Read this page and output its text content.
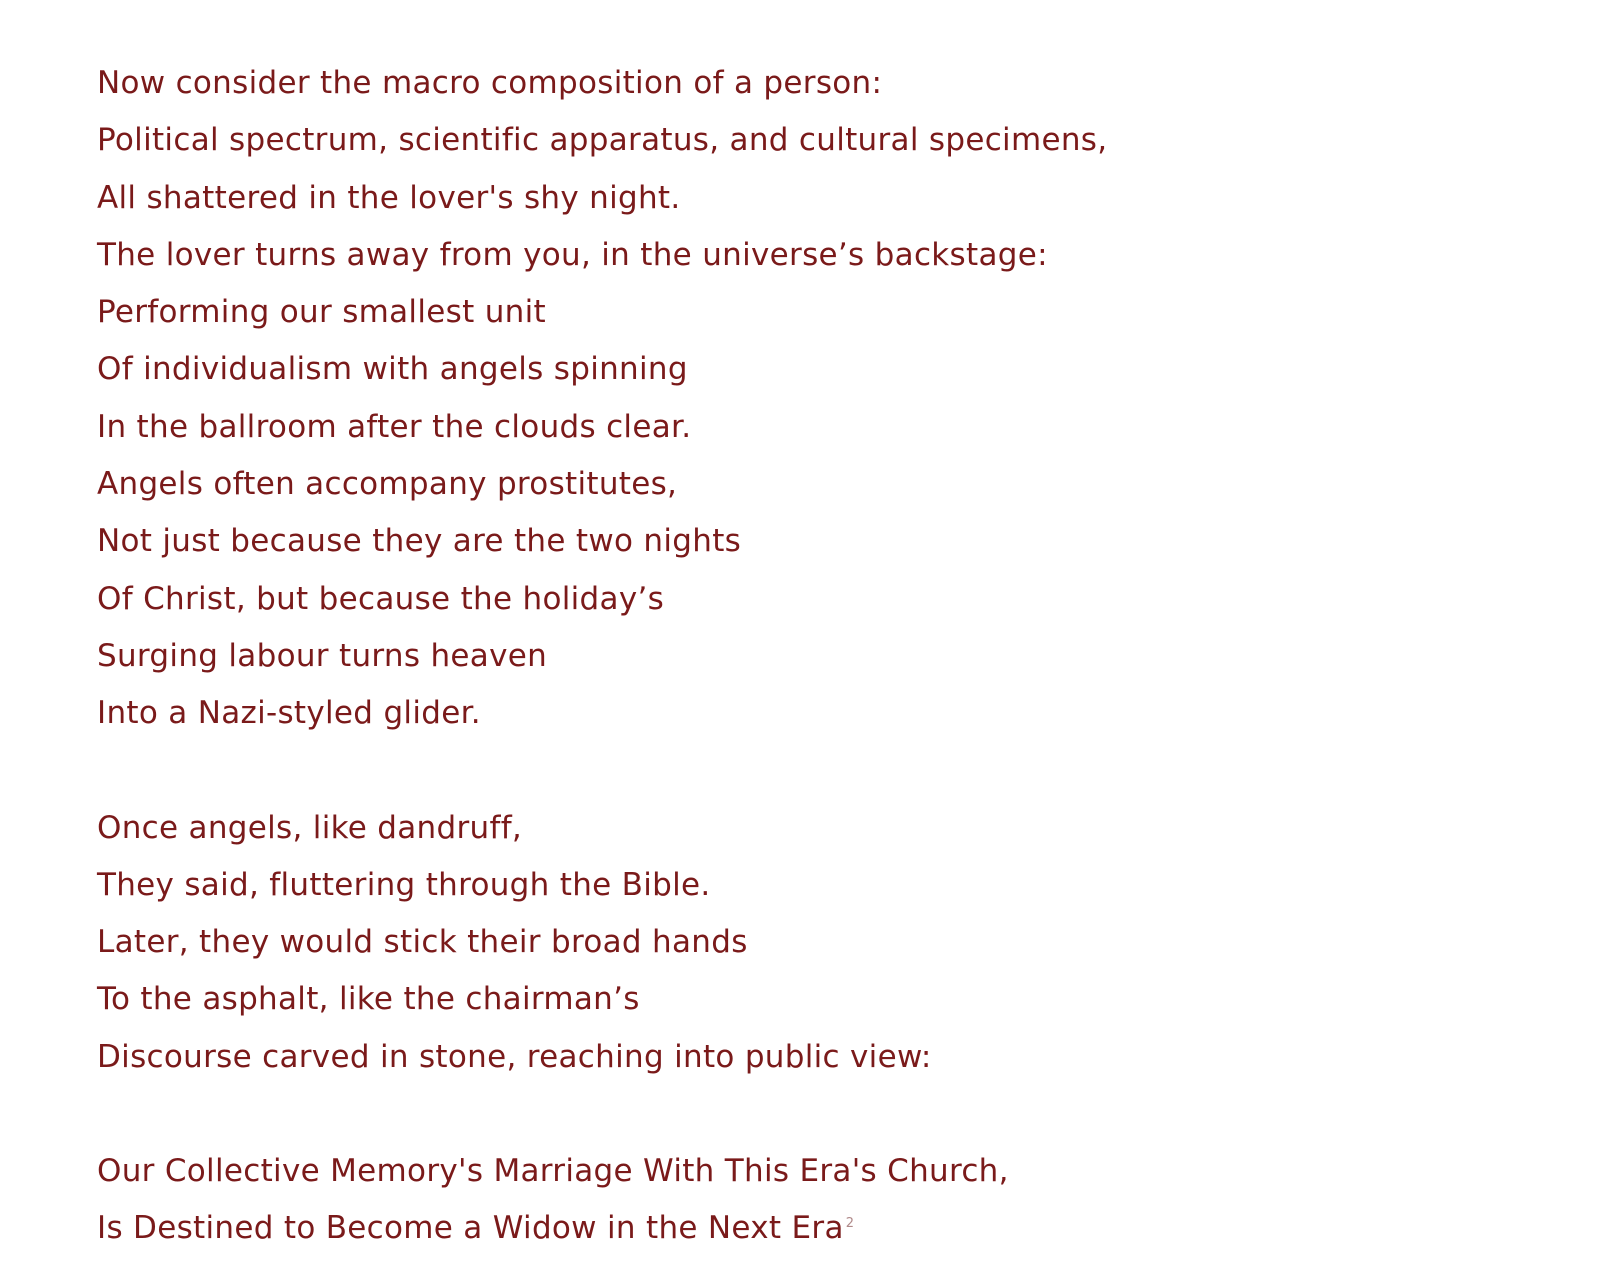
Now consider the macro composition of a person:
Political spectrum, scientific apparatus, and cultural specimens,
All shattered in the lover's shy night.
The lover turns away from you, in the universe’s backstage:
Performing our smallest unit
Of individualism with angels spinning
In the ballroom after the clouds clear.
Angels often accompany prostitutes,
Not just because they are the two nights
Of Christ, but because the holiday’s
Surging labour turns heaven
Into a Nazi-styled glider.
Once angels, like dandruff,
They said, fluttering through the Bible.
Later, they would stick their broad hands
To the asphalt, like the chairman’s
Discourse carved in stone, reaching into public view:
Our Collective Memory's Marriage With This Era's Church,
Is Destined to Become a Widow in the Next Era $^2$
